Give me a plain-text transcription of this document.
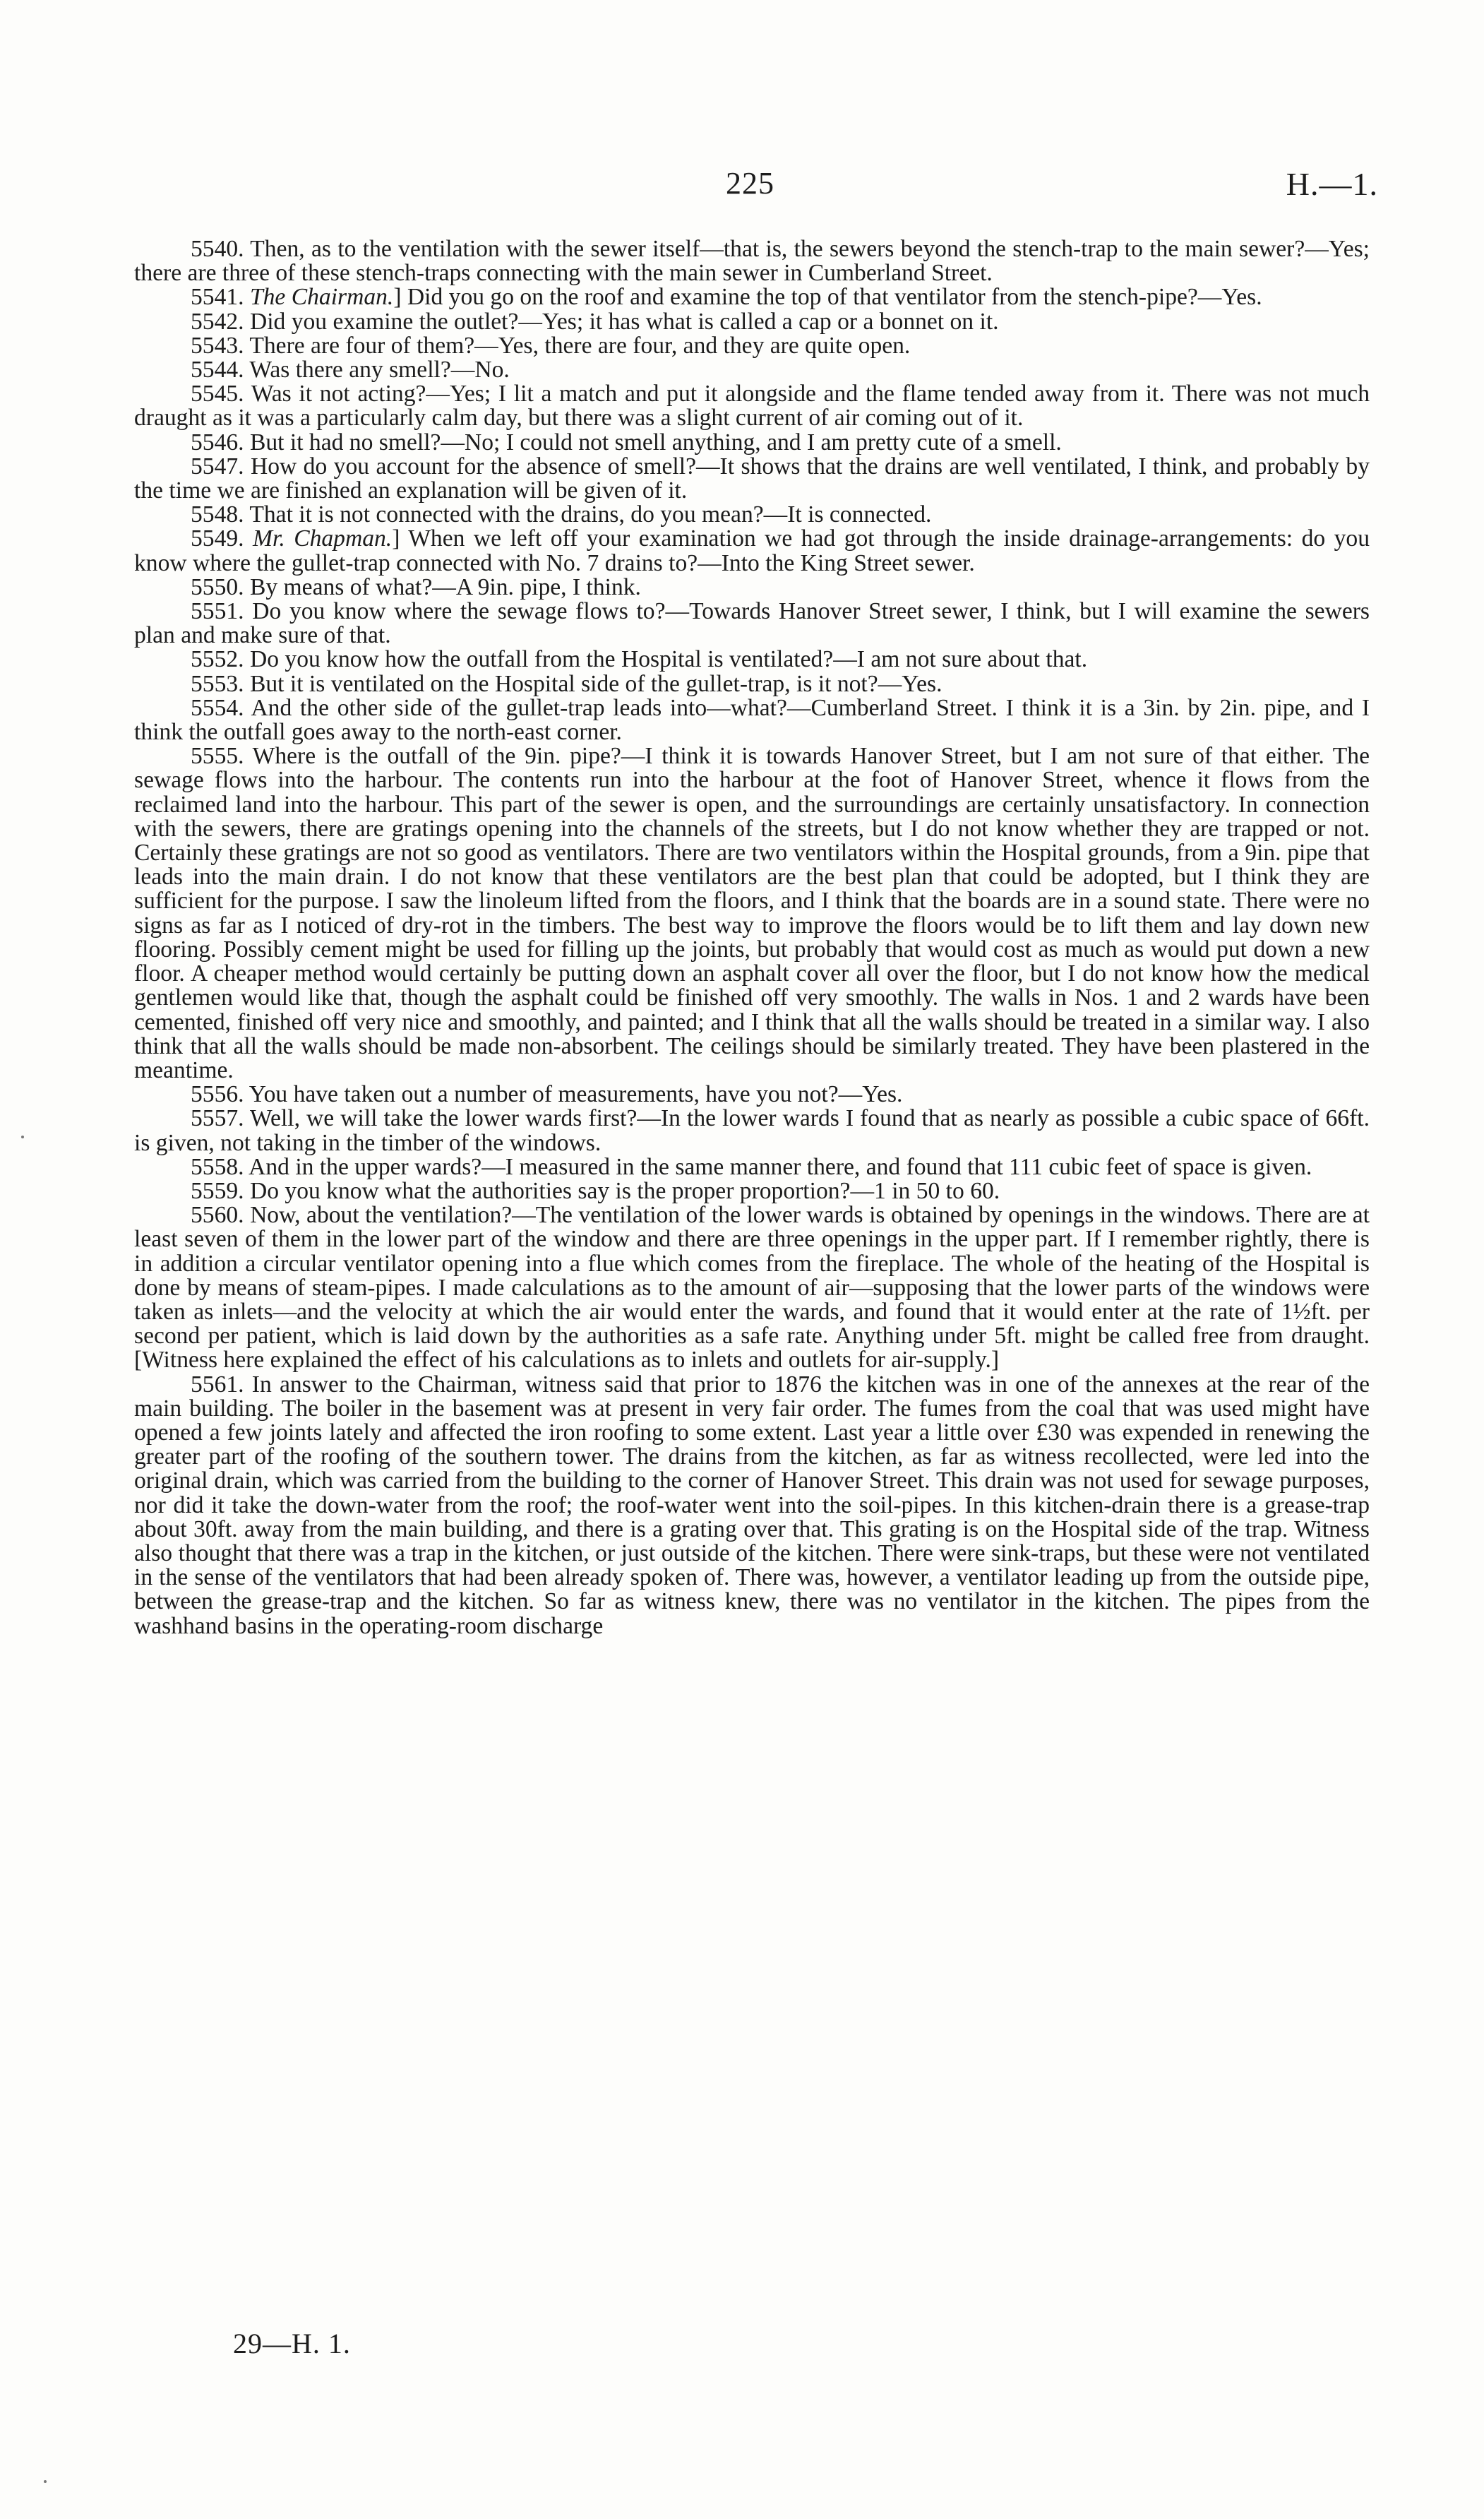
225	H.—1.

5540. Then, as to the ventilation with the sewer itself—that is, the sewers beyond the stench-trap to the main sewer?—Yes; there are three of these stench-traps connecting with the main sewer in Cumberland Street.

5541. The Chairman.] Did you go on the roof and examine the top of that ventilator from the stench-pipe?—Yes.

5542. Did you examine the outlet?—Yes; it has what is called a cap or a bonnet on it.

5543. There are four of them?—Yes, there are four, and they are quite open.

5544. Was there any smell?—No.

5545. Was it not acting?—Yes; I lit a match and put it alongside and the flame tended away from it. There was not much draught as it was a particularly calm day, but there was a slight current of air coming out of it.

5546. But it had no smell?—No; I could not smell anything, and I am pretty cute of a smell.

5547. How do you account for the absence of smell?—It shows that the drains are well ventilated, I think, and probably by the time we are finished an explanation will be given of it.

5548. That it is not connected with the drains, do you mean?—It is connected.

5549. Mr. Chapman.] When we left off your examination we had got through the inside drainage-arrangements: do you know where the gullet-trap connected with No. 7 drains to?—Into the King Street sewer.

5550. By means of what?—A 9in. pipe, I think.

5551. Do you know where the sewage flows to?—Towards Hanover Street sewer, I think, but I will examine the sewers plan and make sure of that.

5552. Do you know how the outfall from the Hospital is ventilated?—I am not sure about that.

5553. But it is ventilated on the Hospital side of the gullet-trap, is it not?—Yes.

5554. And the other side of the gullet-trap leads into—what?—Cumberland Street. I think it is a 3in. by 2in. pipe, and I think the outfall goes away to the north-east corner.

5555. Where is the outfall of the 9in. pipe?—I think it is towards Hanover Street, but I am not sure of that either. The sewage flows into the harbour. The contents run into the harbour at the foot of Hanover Street, whence it flows from the reclaimed land into the harbour. This part of the sewer is open, and the surroundings are certainly unsatisfactory. In connection with the sewers, there are gratings opening into the channels of the streets, but I do not know whether they are trapped or not. Certainly these gratings are not so good as ventilators. There are two ventilators within the Hospital grounds, from a 9in. pipe that leads into the main drain. I do not know that these ventilators are the best plan that could be adopted, but I think they are sufficient for the purpose. I saw the linoleum lifted from the floors, and I think that the boards are in a sound state. There were no signs as far as I noticed of dry-rot in the timbers. The best way to improve the floors would be to lift them and lay down new flooring. Possibly cement might be used for filling up the joints, but probably that would cost as much as would put down a new floor. A cheaper method would certainly be putting down an asphalt cover all over the floor, but I do not know how the medical gentlemen would like that, though the asphalt could be finished off very smoothly. The walls in Nos. 1 and 2 wards have been cemented, finished off very nice and smoothly, and painted; and I think that all the walls should be treated in a similar way. I also think that all the walls should be made non-absorbent. The ceilings should be similarly treated. They have been plastered in the meantime.

5556. You have taken out a number of measurements, have you not?—Yes.

5557. Well, we will take the lower wards first?—In the lower wards I found that as nearly as possible a cubic space of 66ft. is given, not taking in the timber of the windows.

5558. And in the upper wards?—I measured in the same manner there, and found that 111 cubic feet of space is given.

5559. Do you know what the authorities say is the proper proportion?—1 in 50 to 60.

5560. Now, about the ventilation?—The ventilation of the lower wards is obtained by openings in the windows. There are at least seven of them in the lower part of the window and there are three openings in the upper part. If I remember rightly, there is in addition a circular ventilator opening into a flue which comes from the fireplace. The whole of the heating of the Hospital is done by means of steam-pipes. I made calculations as to the amount of air—supposing that the lower parts of the windows were taken as inlets—and the velocity at which the air would enter the wards, and found that it would enter at the rate of 1½ft. per second per patient, which is laid down by the authorities as a safe rate. Anything under 5ft. might be called free from draught. [Witness here explained the effect of his calculations as to inlets and outlets for air-supply.]

5561. In answer to the Chairman, witness said that prior to 1876 the kitchen was in one of the annexes at the rear of the main building. The boiler in the basement was at present in very fair order. The fumes from the coal that was used might have opened a few joints lately and affected the iron roofing to some extent. Last year a little over £30 was expended in renewing the greater part of the roofing of the southern tower. The drains from the kitchen, as far as witness recollected, were led into the original drain, which was carried from the building to the corner of Hanover Street. This drain was not used for sewage purposes, nor did it take the down-water from the roof; the roof-water went into the soil-pipes. In this kitchen-drain there is a grease-trap about 30ft. away from the main building, and there is a grating over that. This grating is on the Hospital side of the trap. Witness also thought that there was a trap in the kitchen, or just outside of the kitchen. There were sink-traps, but these were not ventilated in the sense of the ventilators that had been already spoken of. There was, however, a ventilator leading up from the outside pipe, between the grease-trap and the kitchen. So far as witness knew, there was no ventilator in the kitchen. The pipes from the washhand basins in the operating-room discharge

29—H. 1.
